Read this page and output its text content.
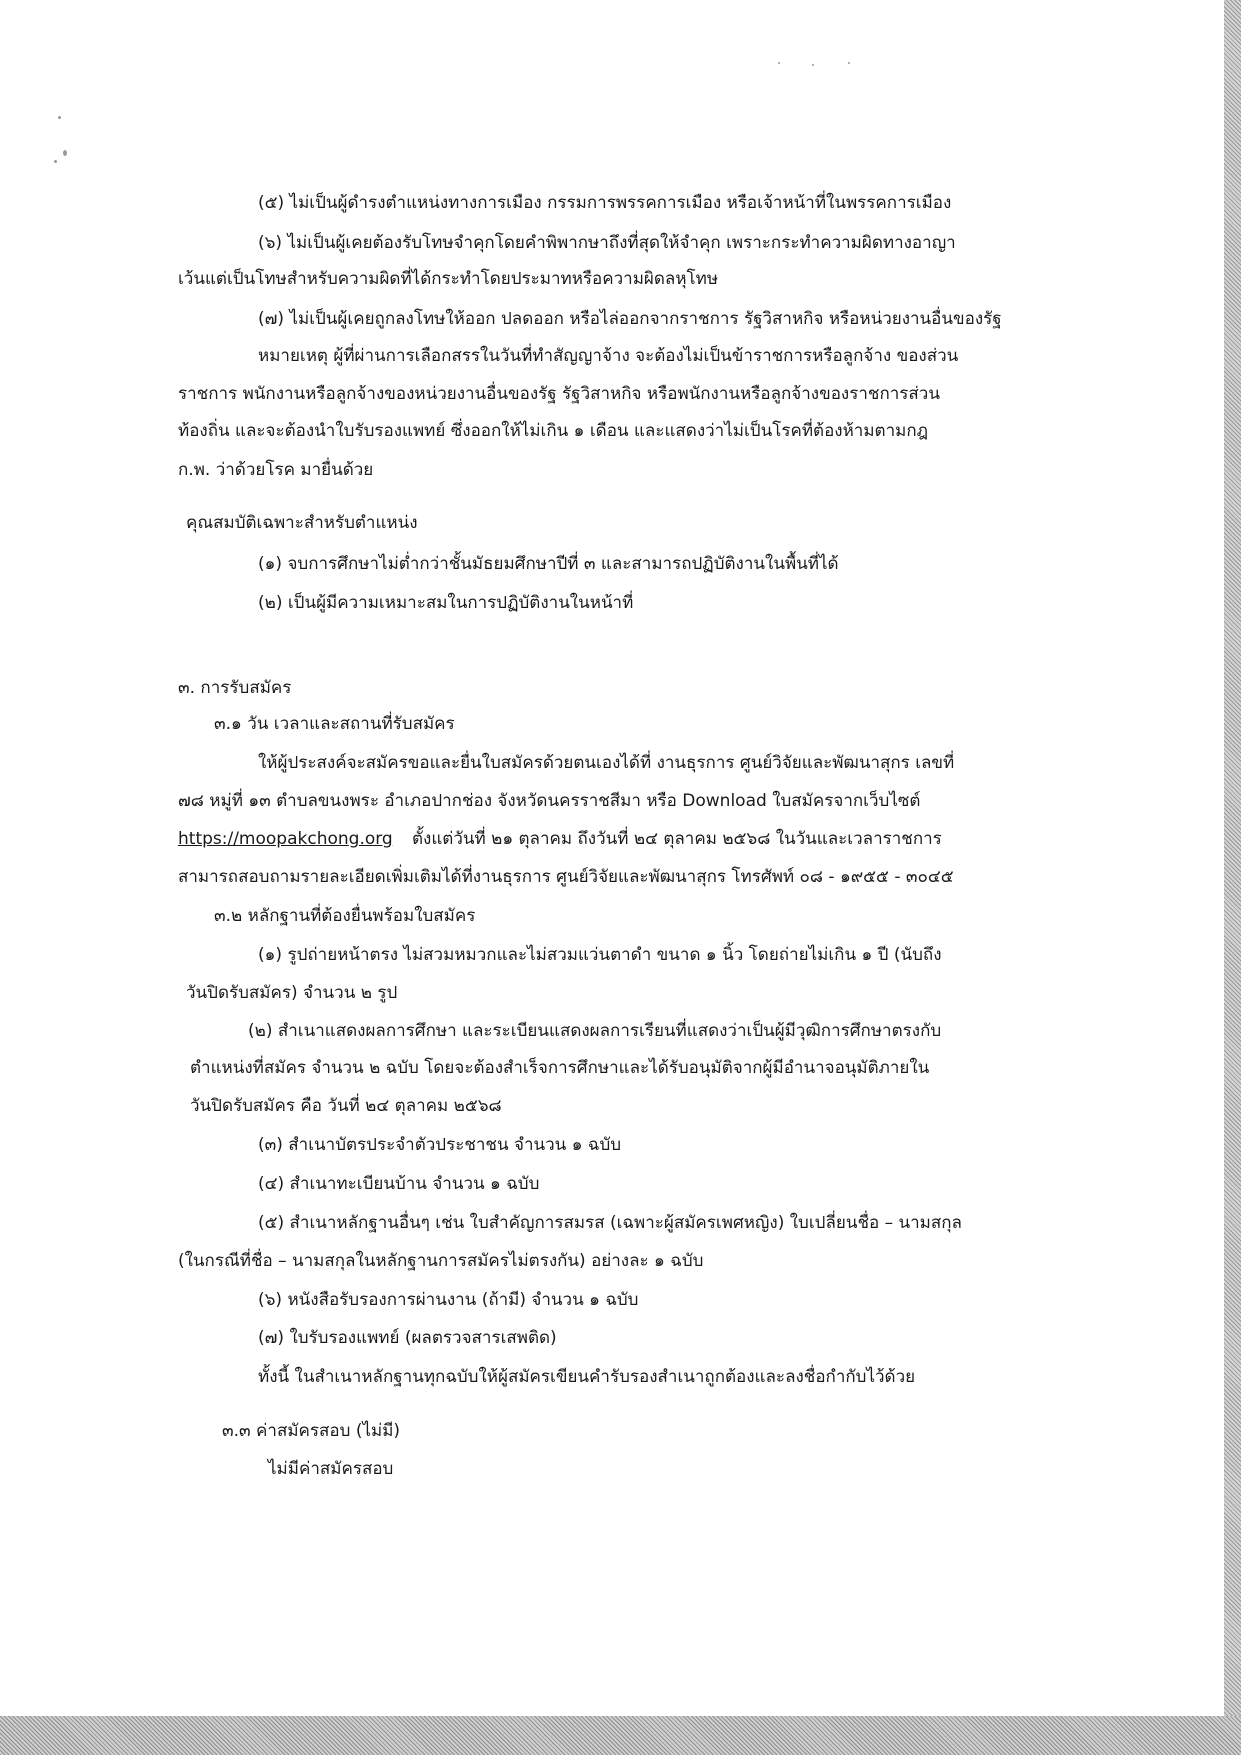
(๕) ไม่เป็นผู้ดำรงตำแหน่งทางการเมือง กรรมการพรรคการเมือง หรือเจ้าหน้าที่ในพรรคการเมือง
(๖) ไม่เป็นผู้เคยต้องรับโทษจำคุกโดยคำพิพากษาถึงที่สุดให้จำคุก เพราะกระทำความผิดทางอาญา
เว้นแต่เป็นโทษสำหรับความผิดที่ได้กระทำโดยประมาทหรือความผิดลหุโทษ
(๗) ไม่เป็นผู้เคยถูกลงโทษให้ออก ปลดออก หรือไล่ออกจากราชการ รัฐวิสาหกิจ หรือหน่วยงานอื่นของรัฐ
หมายเหตุ ผู้ที่ผ่านการเลือกสรรในวันที่ทำสัญญาจ้าง จะต้องไม่เป็นข้าราชการหรือลูกจ้าง ของส่วน
ราชการ พนักงานหรือลูกจ้างของหน่วยงานอื่นของรัฐ รัฐวิสาหกิจ หรือพนักงานหรือลูกจ้างของราชการส่วน
ท้องถิ่น และจะต้องนำใบรับรองแพทย์ ซึ่งออกให้ไม่เกิน ๑ เดือน และแสดงว่าไม่เป็นโรคที่ต้องห้ามตามกฎ
ก.พ. ว่าด้วยโรค มายื่นด้วย
คุณสมบัติเฉพาะสำหรับตำแหน่ง
(๑) จบการศึกษาไม่ต่ำกว่าชั้นมัธยมศึกษาปีที่ ๓ และสามารถปฏิบัติงานในพื้นที่ได้
(๒) เป็นผู้มีความเหมาะสมในการปฏิบัติงานในหน้าที่
๓. การรับสมัคร
๓.๑ วัน เวลาและสถานที่รับสมัคร
ให้ผู้ประสงค์จะสมัครขอและยื่นใบสมัครด้วยตนเองได้ที่ งานธุรการ ศูนย์วิจัยและพัฒนาสุกร เลขที่
๗๘ หมู่ที่ ๑๓ ตำบลขนงพระ อำเภอปากช่อง จังหวัดนครราชสีมา หรือ Download ใบสมัครจากเว็บไซต์
https://moopakchong.org ตั้งแต่วันที่ ๒๑ ตุลาคม ถึงวันที่ ๒๔ ตุลาคม ๒๕๖๘ ในวันและเวลาราชการ
สามารถสอบถามรายละเอียดเพิ่มเติมได้ที่งานธุรการ ศูนย์วิจัยและพัฒนาสุกร โทรศัพท์ ๐๘ - ๑๙๕๕ - ๓๐๔๕
๓.๒ หลักฐานที่ต้องยื่นพร้อมใบสมัคร
(๑) รูปถ่ายหน้าตรง ไม่สวมหมวกและไม่สวมแว่นตาดำ ขนาด ๑ นิ้ว โดยถ่ายไม่เกิน ๑ ปี (นับถึง
วันปิดรับสมัคร) จำนวน ๒ รูป
(๒) สำเนาแสดงผลการศึกษา และระเบียนแสดงผลการเรียนที่แสดงว่าเป็นผู้มีวุฒิการศึกษาตรงกับ
ตำแหน่งที่สมัคร จำนวน ๒ ฉบับ โดยจะต้องสำเร็จการศึกษาและได้รับอนุมัติจากผู้มีอำนาจอนุมัติภายใน
วันปิดรับสมัคร คือ วันที่ ๒๔ ตุลาคม ๒๕๖๘
(๓) สำเนาบัตรประจำตัวประชาชน จำนวน ๑ ฉบับ
(๔) สำเนาทะเบียนบ้าน จำนวน ๑ ฉบับ
(๕) สำเนาหลักฐานอื่นๆ เช่น ใบสำคัญการสมรส (เฉพาะผู้สมัครเพศหญิง) ใบเปลี่ยนชื่อ – นามสกุล
(ในกรณีที่ชื่อ – นามสกุลในหลักฐานการสมัครไม่ตรงกัน) อย่างละ ๑ ฉบับ
(๖) หนังสือรับรองการผ่านงาน (ถ้ามี) จำนวน ๑ ฉบับ
(๗) ใบรับรองแพทย์ (ผลตรวจสารเสพติด)
ทั้งนี้ ในสำเนาหลักฐานทุกฉบับให้ผู้สมัครเขียนคำรับรองสำเนาถูกต้องและลงชื่อกำกับไว้ด้วย
๓.๓ ค่าสมัครสอบ (ไม่มี)
ไม่มีค่าสมัครสอบ
